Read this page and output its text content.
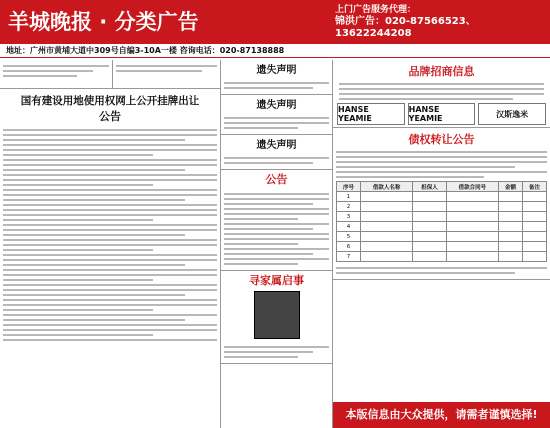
羊城晚报 · 分类广告	上门广告服务代理：
锦洪广告：020-87566523、13622244208
地址：广州市黄埔大道中309号自编3-10A一楼 咨询电话：020-87138888
遗失声明
遗失声明
遗失声明
公告
寻家属启事
国有建设用地使用权网上公开挂牌出让
公告
品牌招商信息
HANSE YEAMIE
HANSE YEAMIE	汉斯逸米
债权转让公告
序号	借款人名称	担保人	借款合同号	金额	备注
1					
2					
3					
4					
5					
6					
7					
本版信息由大众提供，请需者谨慎选择!
